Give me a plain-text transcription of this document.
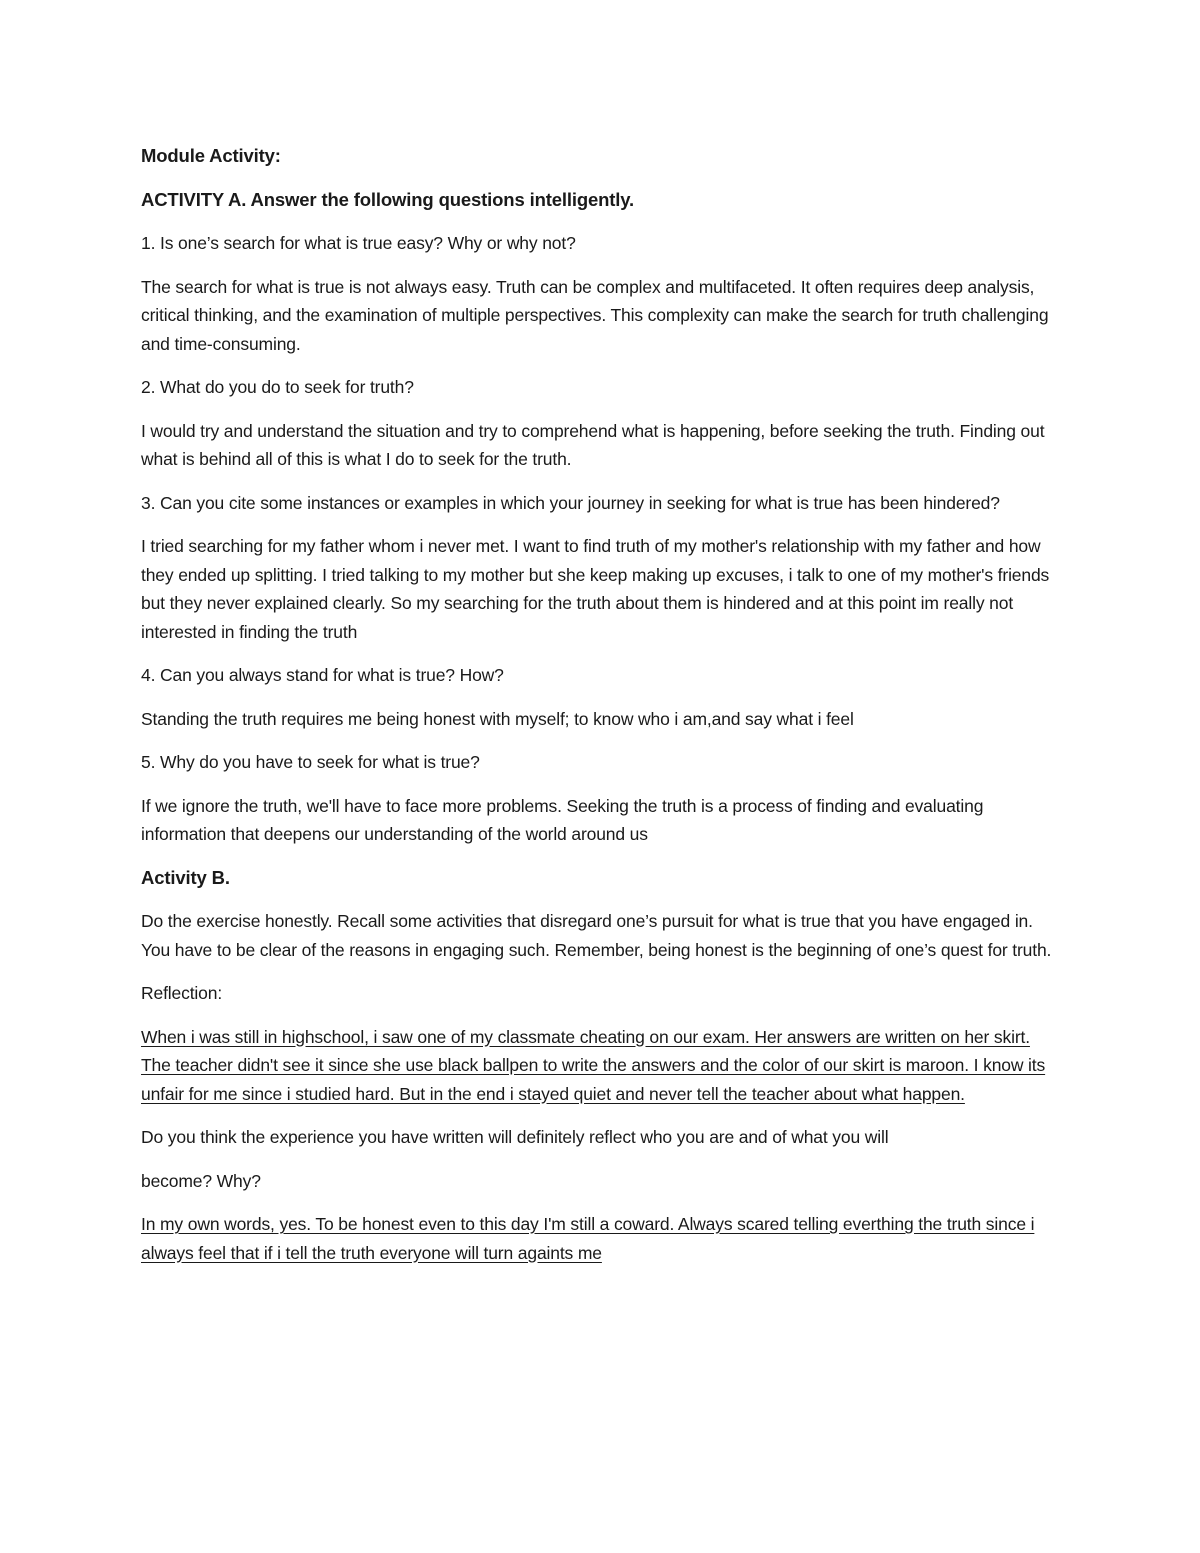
Module Activity:

ACTIVITY A. Answer the following questions intelligently.

1. Is one’s search for what is true easy? Why or why not?

The search for what is true is not always easy. Truth can be complex and multifaceted. It often requires deep analysis, critical thinking, and the examination of multiple perspectives. This complexity can make the search for truth challenging and time-consuming.

2. What do you do to seek for truth?

I would try and understand the situation and try to comprehend what is happening, before seeking the truth. Finding out what is behind all of this is what I do to seek for the truth.

3. Can you cite some instances or examples in which your journey in seeking for what is true has been hindered?

I tried searching for my father whom i never met. I want to find truth of my mother's relationship with my father and how they ended up splitting. I tried talking to my mother but she keep making up excuses, i talk to one of my mother's friends but they never explained clearly. So my searching for the truth about them is hindered and at this point im really not interested in finding the truth

4. Can you always stand for what is true? How?

Standing the truth requires me being honest with myself; to know who i am,and say what i feel

5. Why do you have to seek for what is true?

If we ignore the truth, we'll have to face more problems. Seeking the truth is a process of finding and evaluating information that deepens our understanding of the world around us

Activity B.

Do the exercise honestly. Recall some activities that disregard one’s pursuit for what is true that you have engaged in. You have to be clear of the reasons in engaging such. Remember, being honest is the beginning of one’s quest for truth.

Reflection:

When i was still in highschool, i saw one of my classmate cheating on our exam. Her answers are written on her skirt. The teacher didn't see it since she use black ballpen to write the answers and the color of our skirt is maroon. I know its unfair for me since i studied hard. But in the end i stayed quiet and never tell the teacher about what happen.

Do you think the experience you have written will definitely reflect who you are and of what you will

become? Why?

In my own words, yes. To be honest even to this day I'm still a coward. Always scared telling everthing the truth since i always feel that if i tell the truth everyone will turn againts me
